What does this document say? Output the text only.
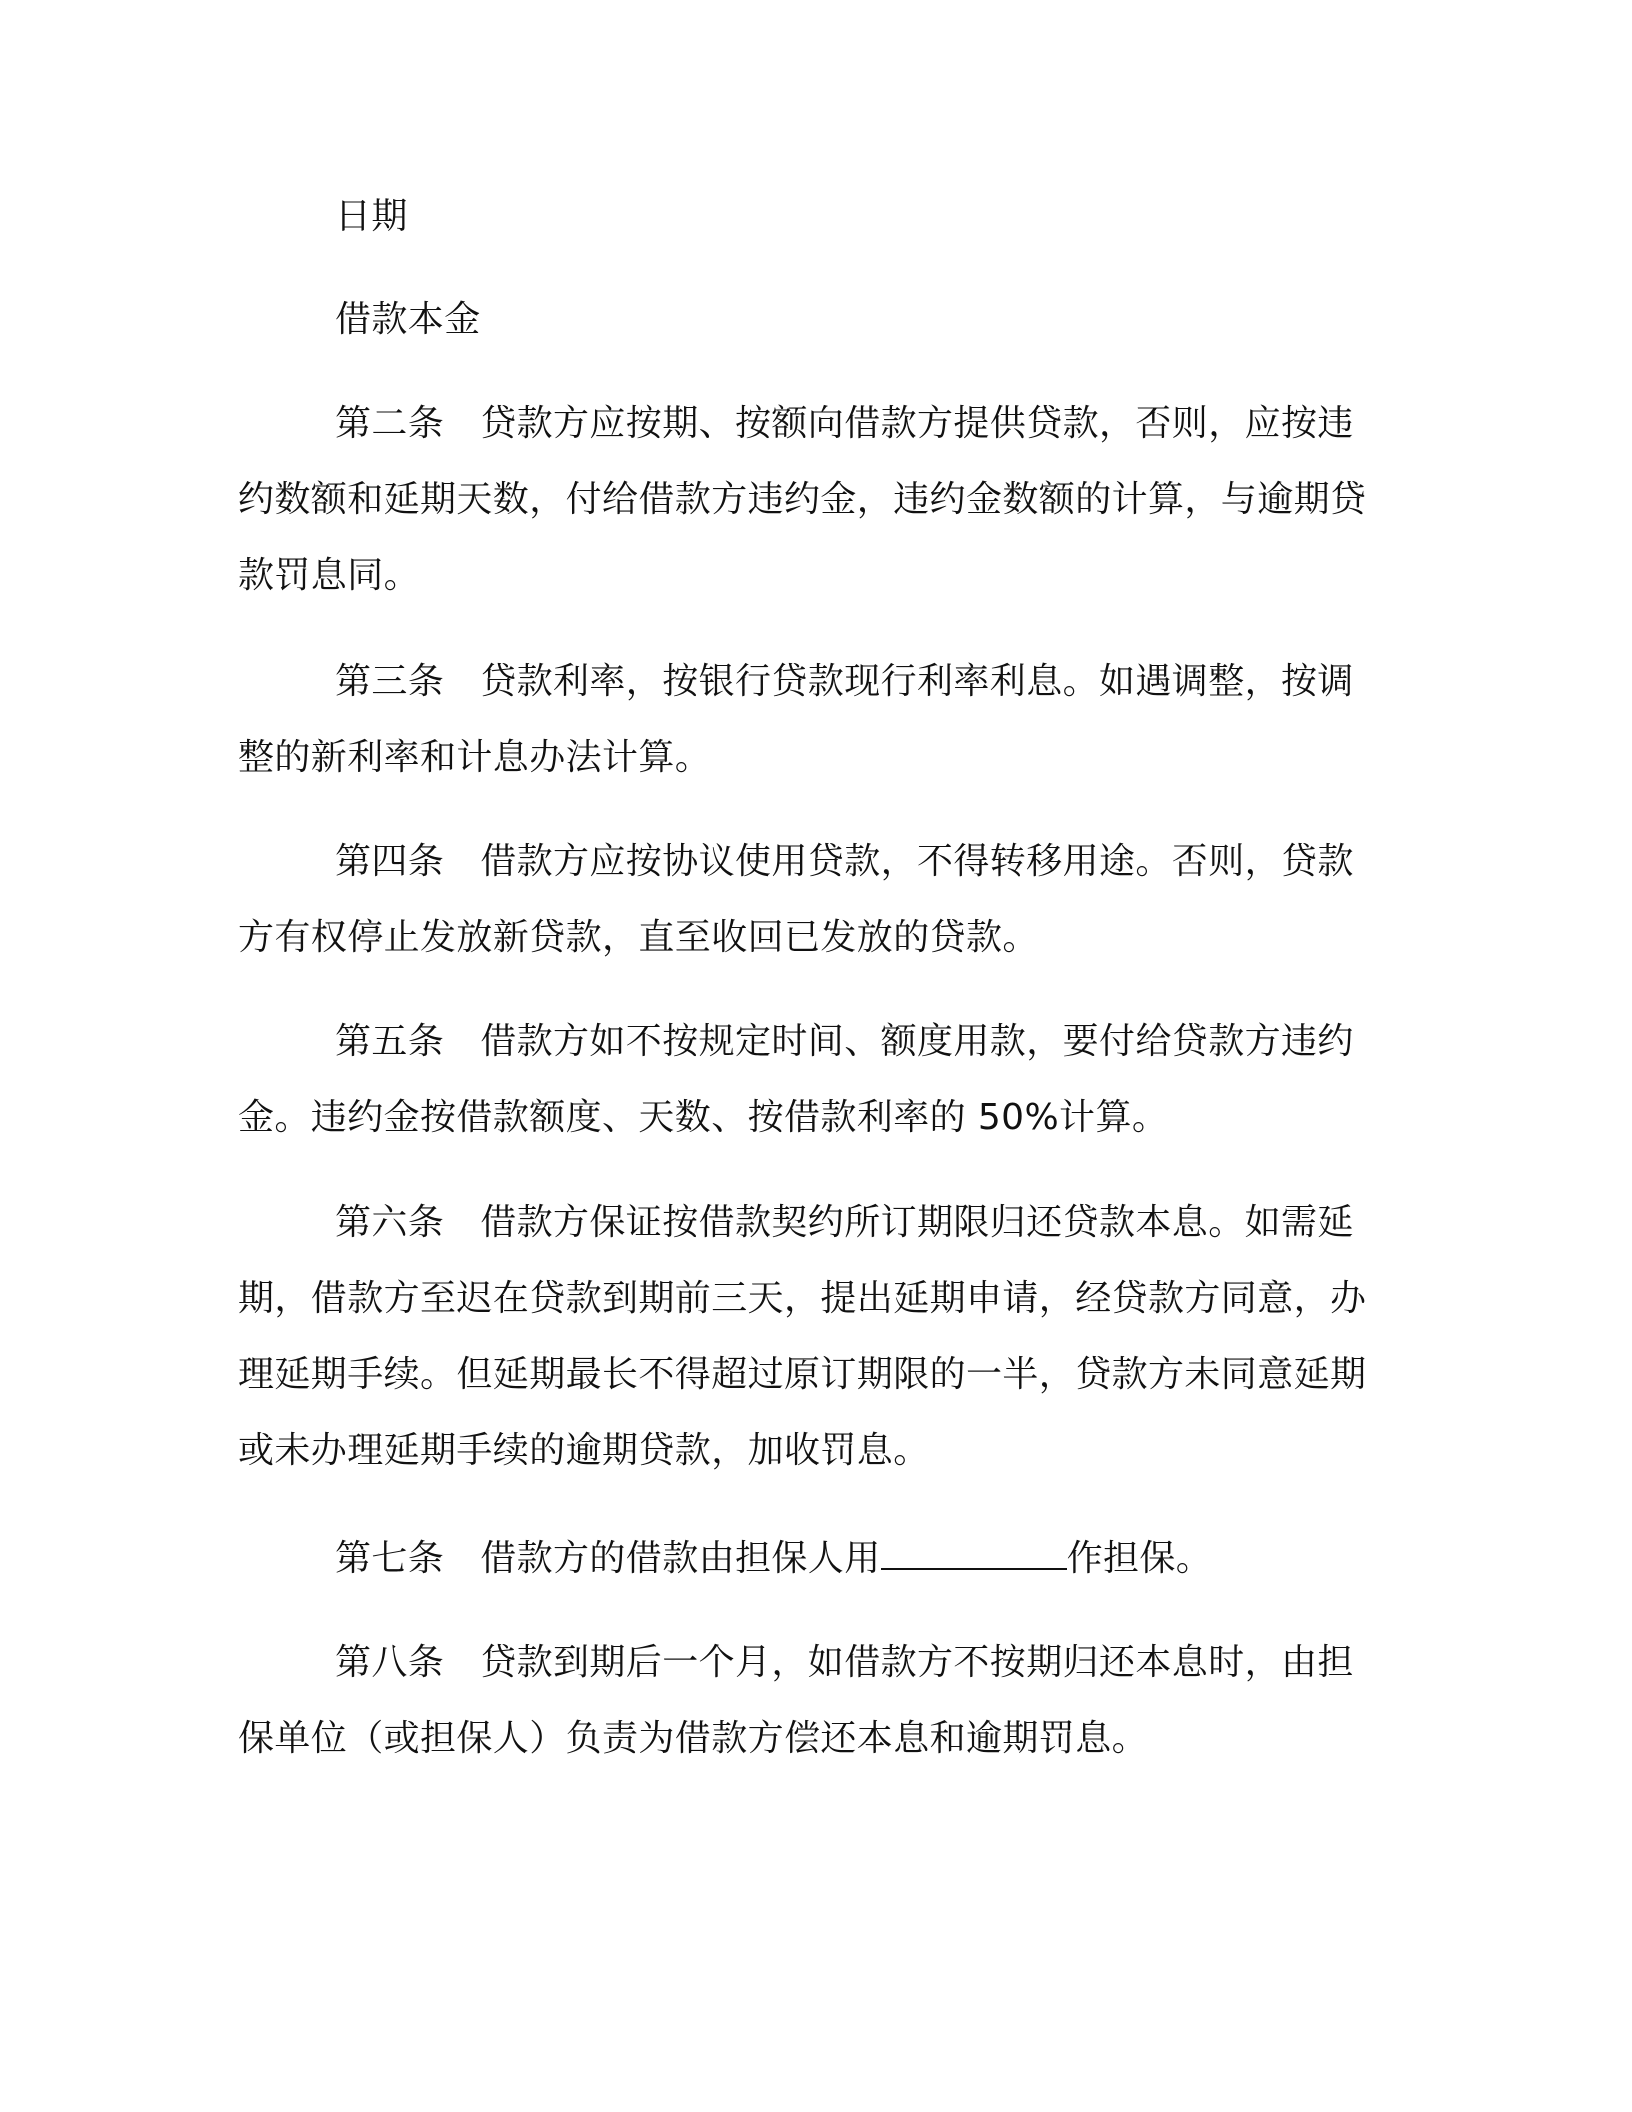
日期
借款本金
第二条 贷款方应按期、按额向借款方提供贷款，否则，应按违约数额和延期天数，付给借款方违约金，违约金数额的计算，与逾期贷款罚息同。
第三条 贷款利率，按银行贷款现行利率利息。如遇调整，按调整的新利率和计息办法计算。
第四条 借款方应按协议使用贷款，不得转移用途。否则，贷款方有权停止发放新贷款，直至收回已发放的贷款。
第五条 借款方如不按规定时间、额度用款，要付给贷款方违约金。违约金按借款额度、天数、按借款利率的 50%计算。
第六条 借款方保证按借款契约所订期限归还贷款本息。如需延期，借款方至迟在贷款到期前三天，提出延期申请，经贷款方同意，办理延期手续。但延期最长不得超过原订期限的一半，贷款方未同意延期或未办理延期手续的逾期贷款，加收罚息。
第七条 借款方的借款由担保人用	作担保。
第八条 贷款到期后一个月，如借款方不按期归还本息时，由担保单位（或担保人）负责为借款方偿还本息和逾期罚息。
